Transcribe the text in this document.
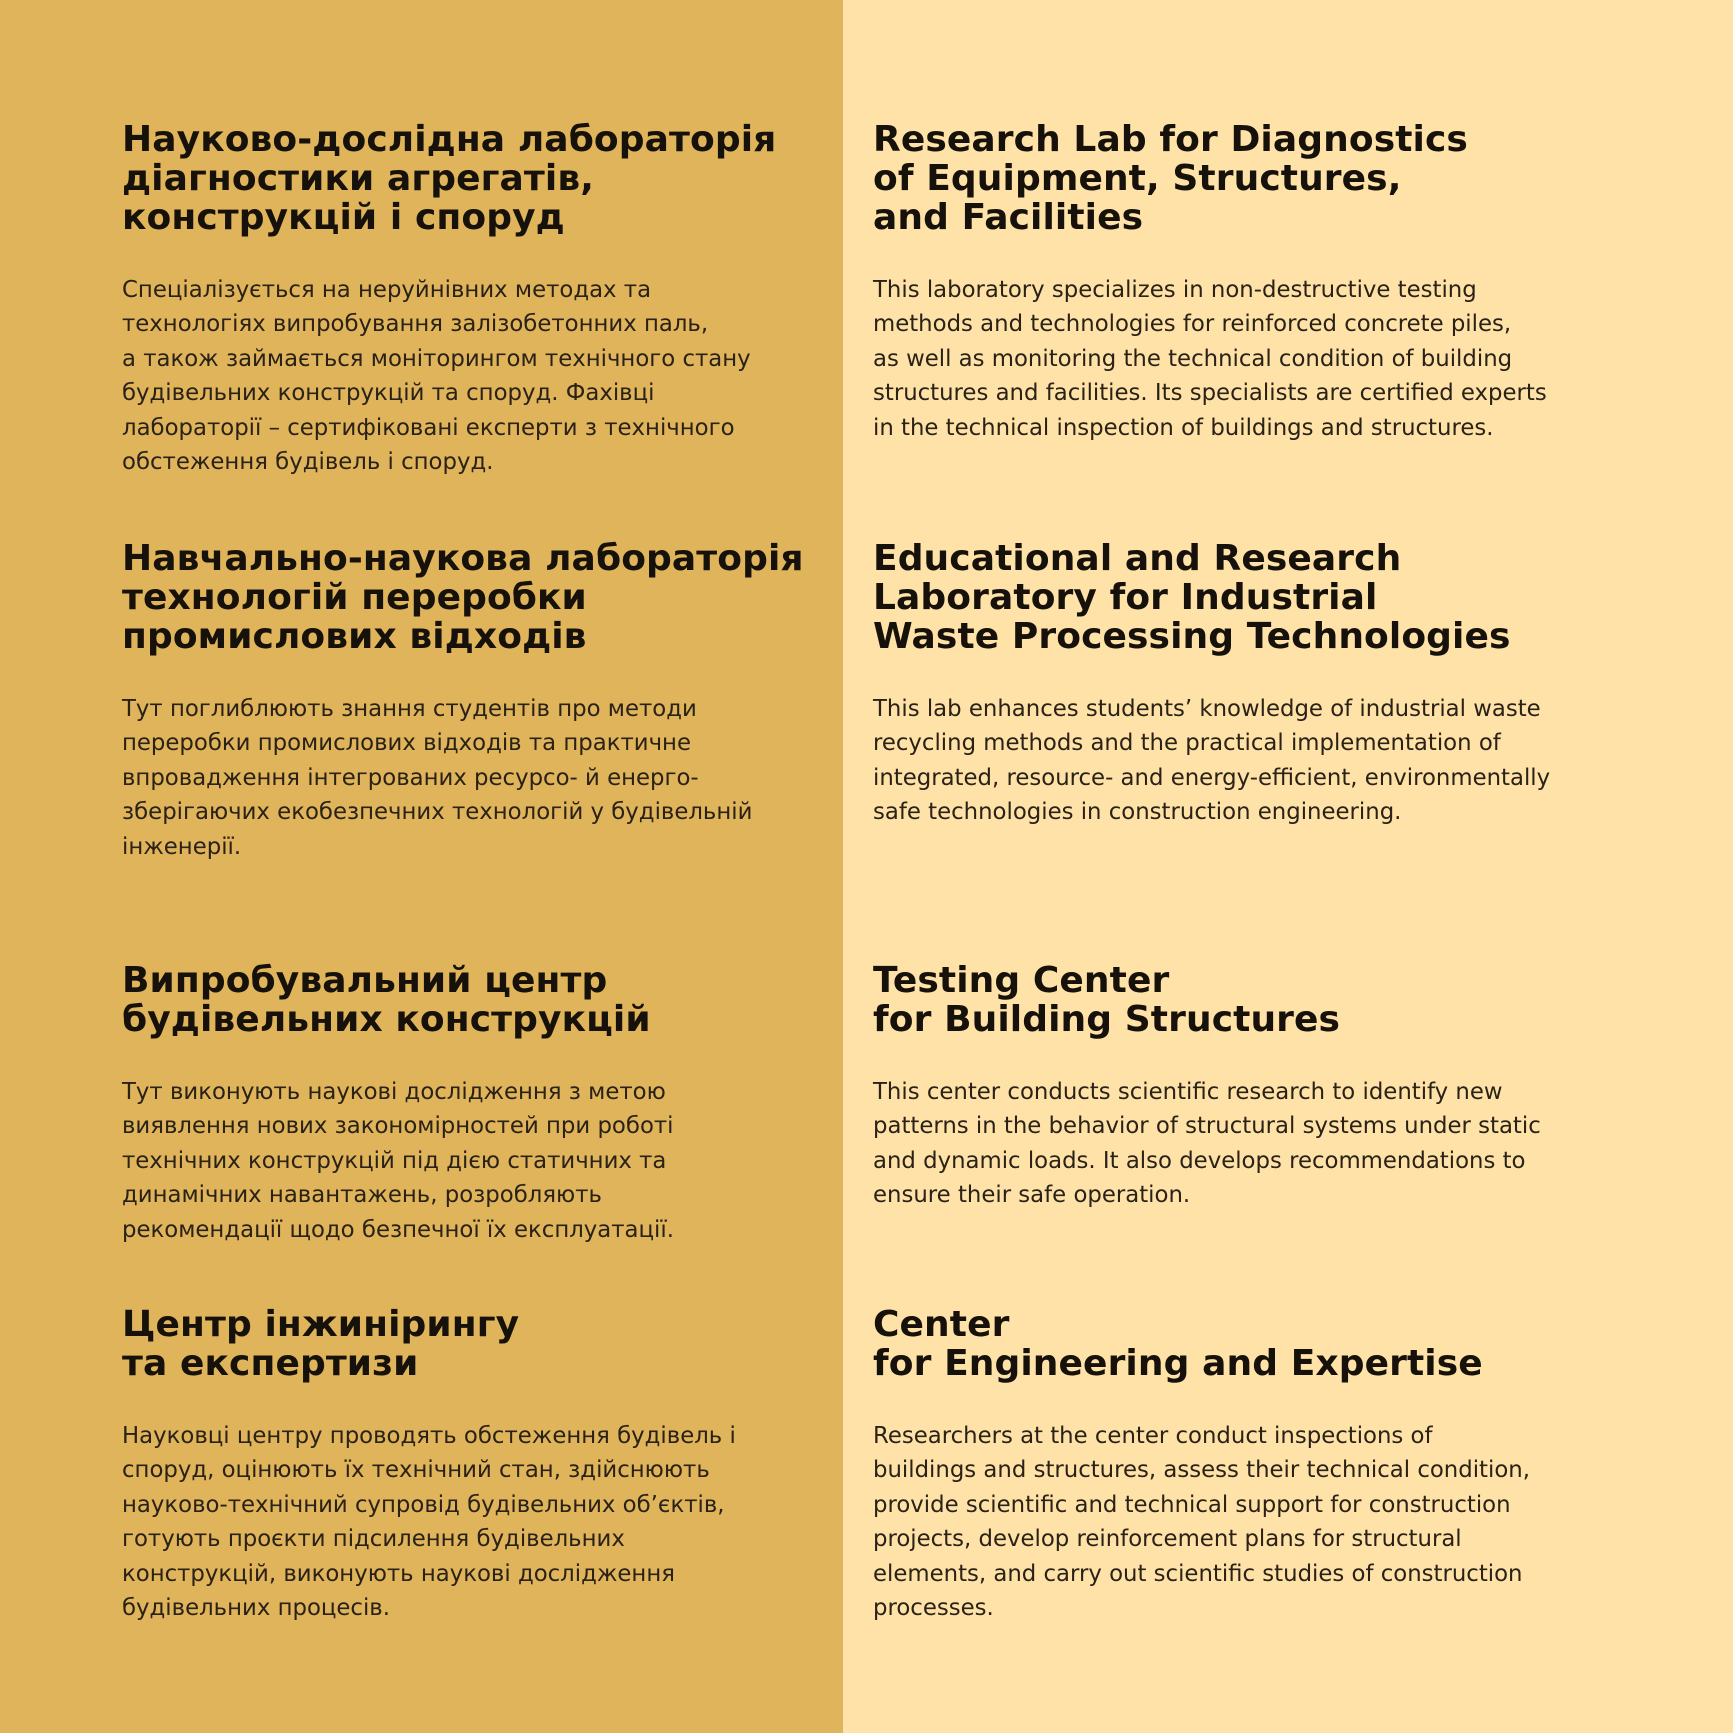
Науково-дослідна лабораторія
діагностики агрегатів,
конструкцій і споруд

Спеціалізується на неруйнівних методах та
технологіях випробування залізобетонних паль,
а також займається моніторингом технічного стану
будівельних конструкцій та споруд. Фахівці
лабораторії – сертифіковані експерти з технічного
обстеження будівель і споруд.

Навчально-наукова лабораторія
технологій переробки
промислових відходів

Тут поглиблюють знання студентів про методи
переробки промислових відходів та практичне
впровадження інтегрованих ресурсо- й енерго-
зберігаючих екобезпечних технологій у будівельній
інженерії.

Випробувальний центр
будівельних конструкцій

Тут виконують наукові дослідження з метою
виявлення нових закономірностей при роботі
технічних конструкцій під дією статичних та
динамічних навантажень, розробляють
рекомендації щодо безпечної їх експлуатації.

Центр інжинірингу
та експертизи

Науковці центру проводять обстеження будівель і
споруд, оцінюють їх технічний стан, здійснюють
науково-технічний супровід будівельних об’єктів,
готують проєкти підсилення будівельних
конструкцій, виконують наукові дослідження
будівельних процесів.

Research Lab for Diagnostics
of Equipment, Structures,
and Facilities

This laboratory specializes in non-destructive testing
methods and technologies for reinforced concrete piles,
as well as monitoring the technical condition of building
structures and facilities. Its specialists are certified experts
in the technical inspection of buildings and structures.

Educational and Research
Laboratory for Industrial
Waste Processing Technologies

This lab enhances students’ knowledge of industrial waste
recycling methods and the practical implementation of
integrated, resource- and energy-efficient, environmentally
safe technologies in construction engineering.

Testing Center
for Building Structures

This center conducts scientific research to identify new
patterns in the behavior of structural systems under static
and dynamic loads. It also develops recommendations to
ensure their safe operation.

Center
for Engineering and Expertise

Researchers at the center conduct inspections of
buildings and structures, assess their technical condition,
provide scientific and technical support for construction
projects, develop reinforcement plans for structural
elements, and carry out scientific studies of construction
processes.
